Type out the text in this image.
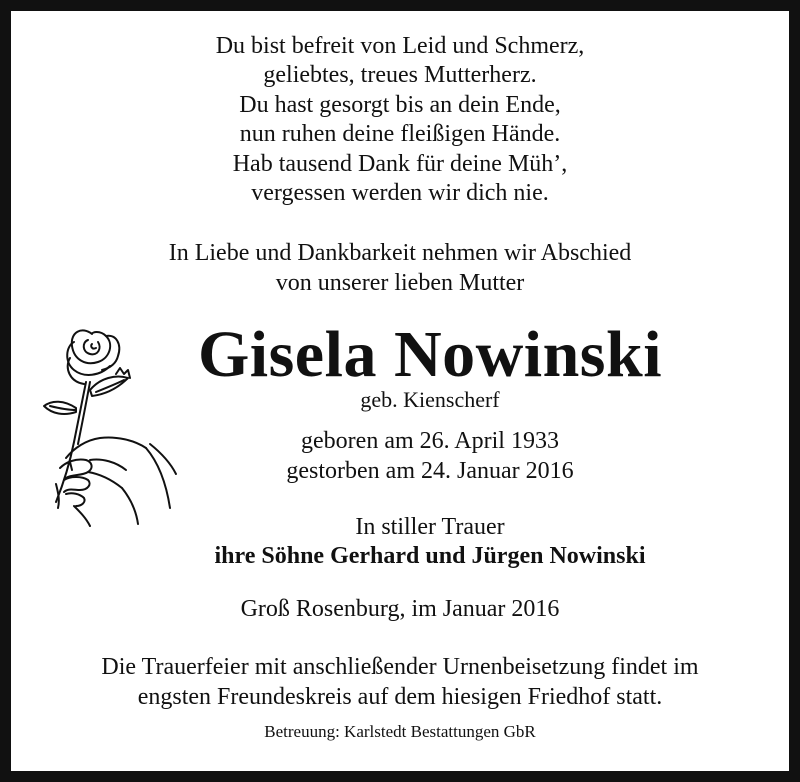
Du bist befreit von Leid und Schmerz,
geliebtes, treues Mutterherz.
Du hast gesorgt bis an dein Ende,
nun ruhen deine fleißigen Hände.
Hab tausend Dank für deine Müh’,
vergessen werden wir dich nie.
In Liebe und Dankbarkeit nehmen wir Abschied
von unserer lieben Mutter
Gisela Nowinski
geb. Kienscherf
geboren am 26. April 1933
gestorben am 24. Januar 2016
In stiller Trauer
ihre Söhne Gerhard und Jürgen Nowinski
Groß Rosenburg, im Januar 2016
Die Trauerfeier mit anschließender Urnenbeisetzung findet im
engsten Freundeskreis auf dem hiesigen Friedhof statt.
Betreuung: Karlstedt Bestattungen GbR
